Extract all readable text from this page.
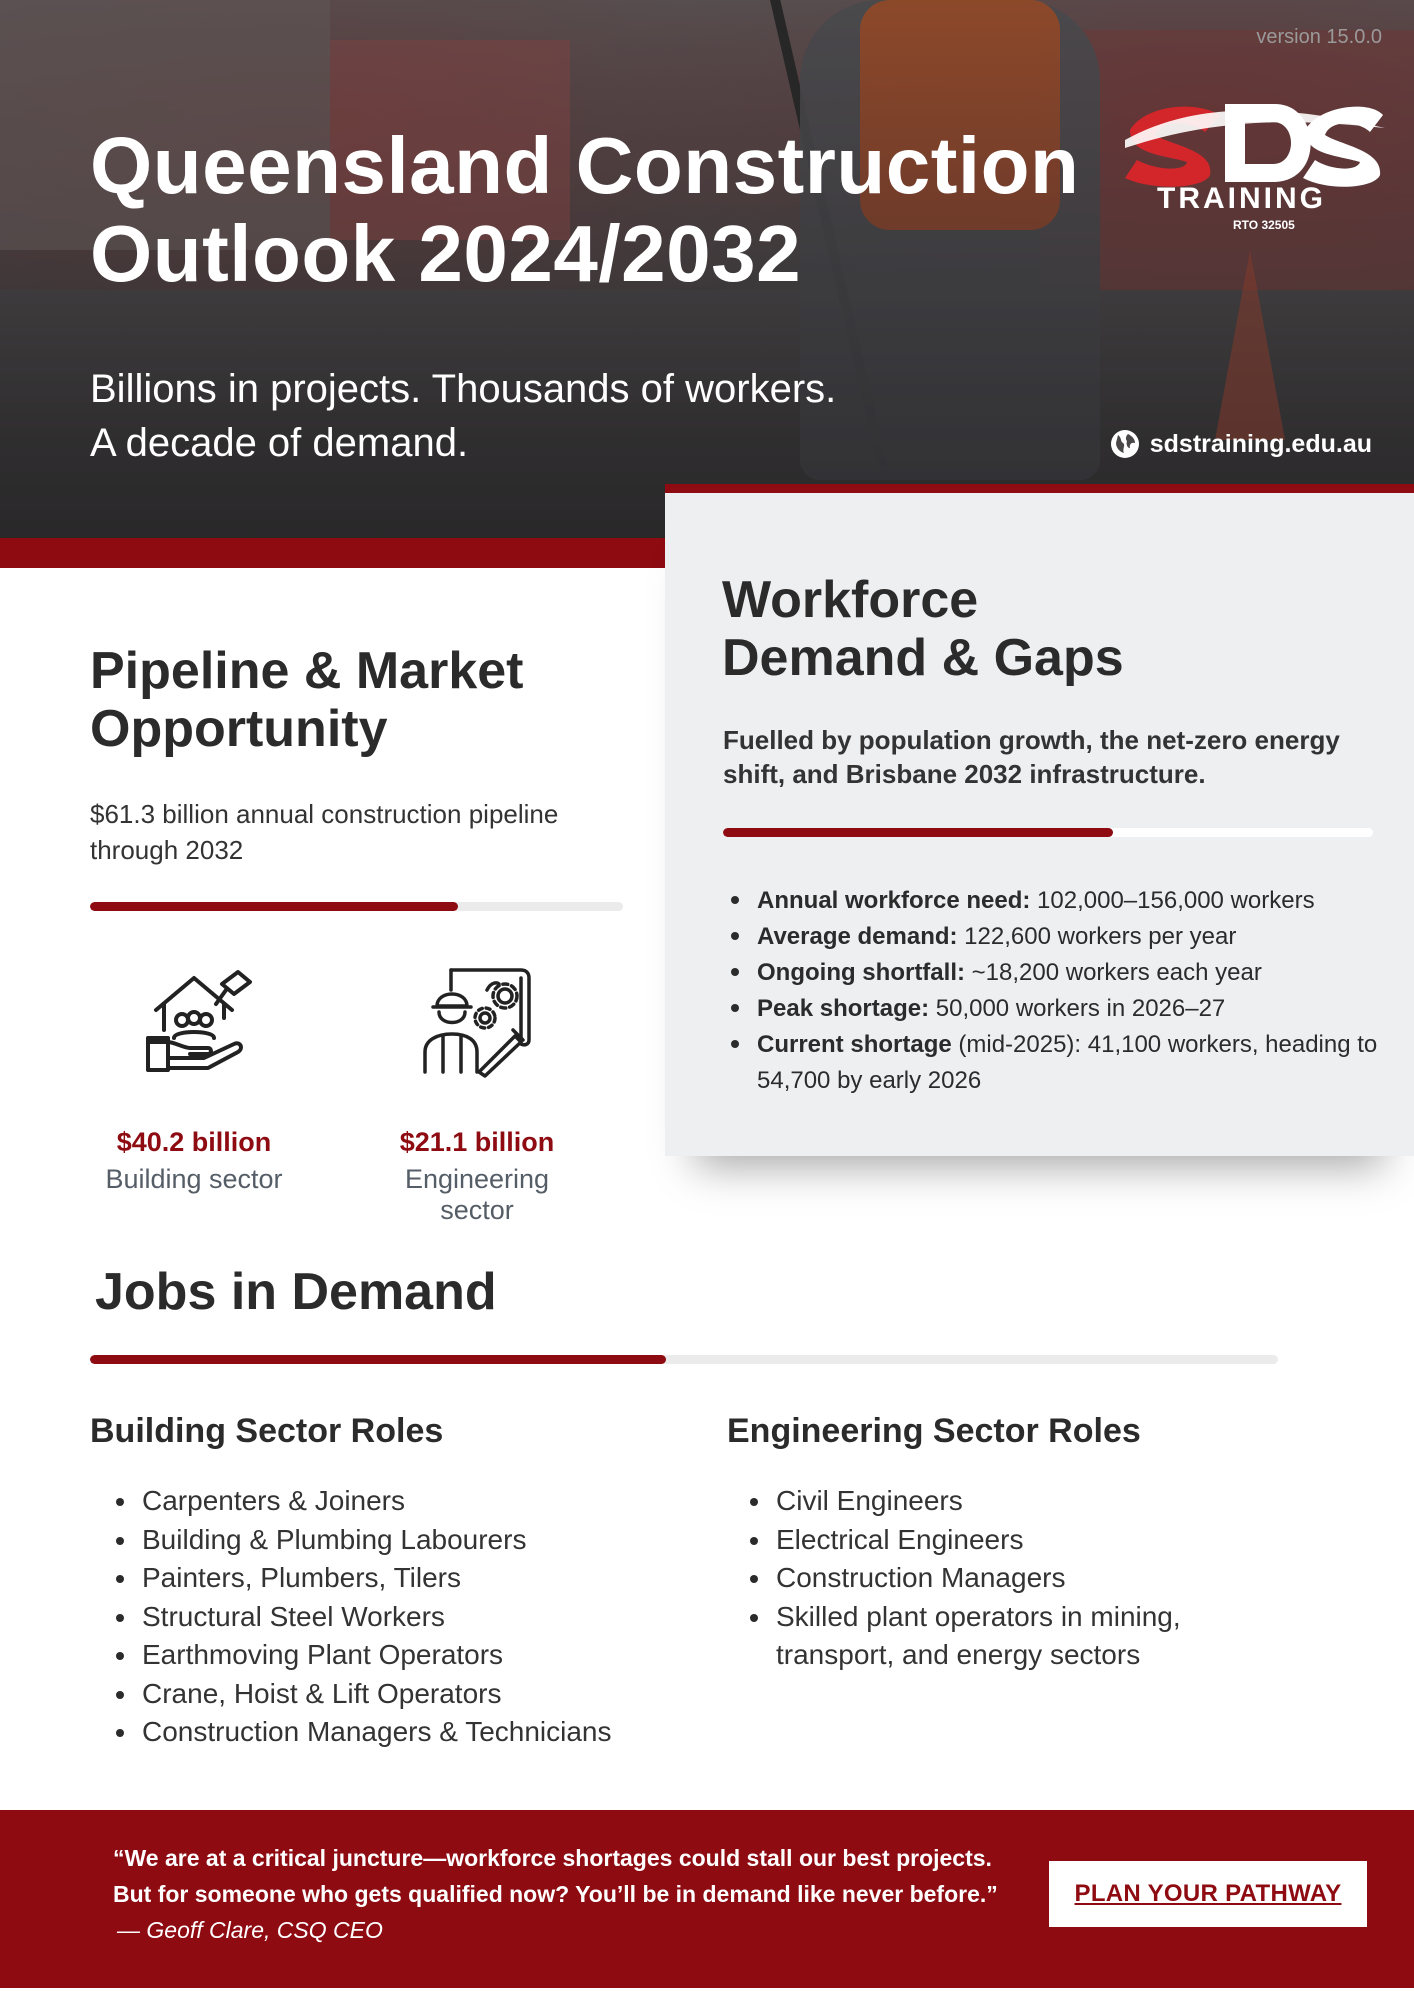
version 15.0.0
Queensland Construction
Outlook 2024/2032
Billions in projects. Thousands of workers.
A decade of demand.
TRAINING
RTO 32505
sdstraining.edu.au
Workforce
Demand & Gaps

Fuelled by population growth, the net-zero energy shift, and Brisbane 2032 infrastructure.

Annual workforce need: 102,000–156,000 workers
Average demand: 122,600 workers per year
Ongoing shortfall: ~18,200 workers each year
Peak shortage: 50,000 workers in 2026–27
Current shortage (mid-2025): 41,100 workers, heading to 54,700 by early 2026
Pipeline & Market
Opportunity

$61.3 billion annual construction pipeline through 2032

$40.2 billion
Building sector
$21.1 billion
Engineering sector
Jobs in Demand
Building Sector Roles
Carpenters & Joiners
Building & Plumbing Labourers
Painters, Plumbers, Tilers
Structural Steel Workers
Earthmoving Plant Operators
Crane, Hoist & Lift Operators
Construction Managers & Technicians
Engineering Sector Roles
Civil Engineers
Electrical Engineers
Construction Managers
Skilled plant operators in mining, transport, and energy sectors

“We are at a critical juncture—workforce shortages could stall our best projects.
But for someone who gets qualified now? You’ll be in demand like never before.”

— Geoff Clare, CSQ CEO

PLAN YOUR PATHWAY
